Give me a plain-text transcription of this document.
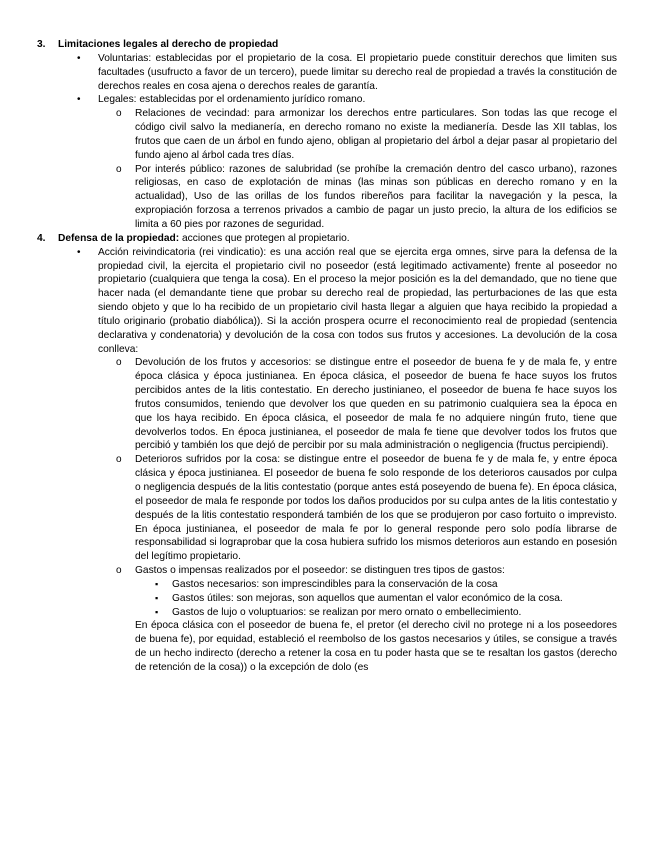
3. Limitaciones legales al derecho de propiedad
• Voluntarias: establecidas por el propietario de la cosa. El propietario puede constituir derechos que limiten sus facultades (usufructo a favor de un tercero), puede limitar su derecho real de propiedad a través la constitución de derechos reales en cosa ajena o derechos reales de garantía.
• Legales: establecidas por el ordenamiento jurídico romano.
o Relaciones de vecindad: para armonizar los derechos entre particulares. Son todas las que recoge el código civil salvo la medianería, en derecho romano no existe la medianería. Desde las XII tablas, los frutos que caen de un árbol en fundo ajeno, obligan al propietario del árbol a dejar pasar al propietario del fundo ajeno al árbol cada tres días.
o Por interés público: razones de salubridad (se prohíbe la cremación dentro del casco urbano), razones religiosas, en caso de explotación de minas (las minas son públicas en derecho romano y en la actualidad), Uso de las orillas de los fundos ribereños para facilitar la navegación y la pesca, la expropiación forzosa a terrenos privados a cambio de pagar un justo precio, la altura de los edificios se limita a 60 pies por razones de seguridad.
4. Defensa de la propiedad: acciones que protegen al propietario.
• Acción reivindicatoria (rei vindicatio): es una acción real que se ejercita erga omnes, sirve para la defensa de la propiedad civil, la ejercita el propietario civil no poseedor (está legitimado activamente) frente al poseedor no propietario (cualquiera que tenga la cosa). En el proceso la mejor posición es la del demandado, que no tiene que hacer nada (el demandante tiene que probar su derecho real de propiedad, las perturbaciones de las que esta siendo objeto y que lo ha recibido de un propietario civil hasta llegar a alguien que haya recibido la propiedad a título originario (probatio diabólica)). Si la acción prospera ocurre el reconocimiento real de propiedad (sentencia declarativa y condenatoria) y devolución de la cosa con todos sus frutos y accesiones. La devolución de la cosa conlleva:
o Devolución de los frutos y accesorios: se distingue entre el poseedor de buena fe y de mala fe, y entre época clásica y época justinianea. En época clásica, el poseedor de buena fe hace suyos los frutos percibidos antes de la litis contestatio. En derecho justinianeo, el poseedor de buena fe hace suyos los frutos consumidos, teniendo que devolver los que queden en su patrimonio cualquiera sea la época en que los haya recibido. En época clásica, el poseedor de mala fe no adquiere ningún fruto, tiene que devolverlos todos. En época justinianea, el poseedor de mala fe tiene que devolver todos los frutos que percibió y también los que dejó de percibir por su mala administración o negligencia (fructus percipiendi).
o Deterioros sufridos por la cosa: se distingue entre el poseedor de buena fe y de mala fe, y entre época clásica y época justinianea. El poseedor de buena fe solo responde de los deterioros causados por culpa o negligencia después de la litis contestatio (porque antes está poseyendo de buena fe). En época clásica, el poseedor de mala fe responde por todos los daños producidos por su culpa antes de la litis contestatio y después de la litis contestatio responderá también de los que se produjeron por caso fortuito o imprevisto. En época justinianea, el poseedor de mala fe por lo general responde pero solo podía librarse de responsabilidad si lograprobar que la cosa hubiera sufrido los mismos deterioros aun estando en posesión del legítimo propietario.
o Gastos o impensas realizados por el poseedor: se distinguen tres tipos de gastos:
▪ Gastos necesarios: son imprescindibles para la conservación de la cosa
▪ Gastos útiles: son mejoras, son aquellos que aumentan el valor económico de la cosa.
▪ Gastos de lujo o voluptuarios: se realizan por mero ornato o embellecimiento.
En época clásica con el poseedor de buena fe, el pretor (el derecho civil no protege ni a los poseedores de buena fe), por equidad, estableció el reembolso de los gastos necesarios y útiles, se consigue a través de un hecho indirecto (derecho a retener la cosa en tu poder hasta que se te resaltan los gastos (derecho de retención de la cosa)) o la excepción de dolo (es
